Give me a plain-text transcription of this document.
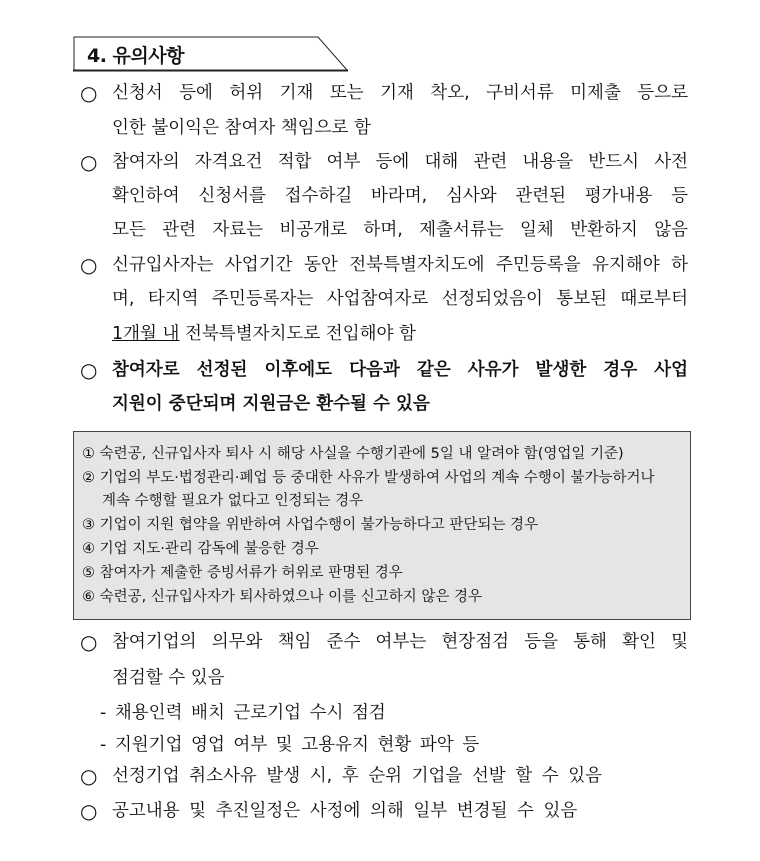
4. 유의사항
○ 신청서 등에 허위 기재 또는 기재 착오, 구비서류 미제출 등으로
인한 불이익은 참여자 책임으로 함
○ 참여자의 자격요건 적합 여부 등에 대해 관련 내용을 반드시 사전
확인하여 신청서를 접수하길 바라며, 심사와 관련된 평가내용 등
모든 관련 자료는 비공개로 하며, 제출서류는 일체 반환하지 않음
○ 신규입사자는 사업기간 동안 전북특별자치도에 주민등록을 유지해야 하
며, 타지역 주민등록자는 사업참여자로 선정되었음이 통보된 때로부터
1개월 내 전북특별자치도로 전입해야 함
○ 참여자로 선정된 이후에도 다음과 같은 사유가 발생한 경우 사업
지원이 중단되며 지원금은 환수될 수 있음
① 숙련공, 신규입사자 퇴사 시 해당 사실을 수행기관에 5일 내 알려야 함(영업일 기준)
② 기업의 부도·법정관리·폐업 등 중대한 사유가 발생하여 사업의 계속 수행이 불가능하거나
계속 수행할 필요가 없다고 인정되는 경우
③ 기업이 지원 협약을 위반하여 사업수행이 불가능하다고 판단되는 경우
④ 기업 지도·관리 감독에 불응한 경우
⑤ 참여자가 제출한 증빙서류가 허위로 판명된 경우
⑥ 숙련공, 신규입사자가 퇴사하였으나 이를 신고하지 않은 경우
○ 참여기업의 의무와 책임 준수 여부는 현장점검 등을 통해 확인 및
점검할 수 있음
- 채용인력 배치 근로기업 수시 점검
- 지원기업 영업 여부 및 고용유지 현황 파악 등
○ 선정기업 취소사유 발생 시, 후 순위 기업을 선발 할 수 있음
○ 공고내용 및 추진일정은 사정에 의해 일부 변경될 수 있음
